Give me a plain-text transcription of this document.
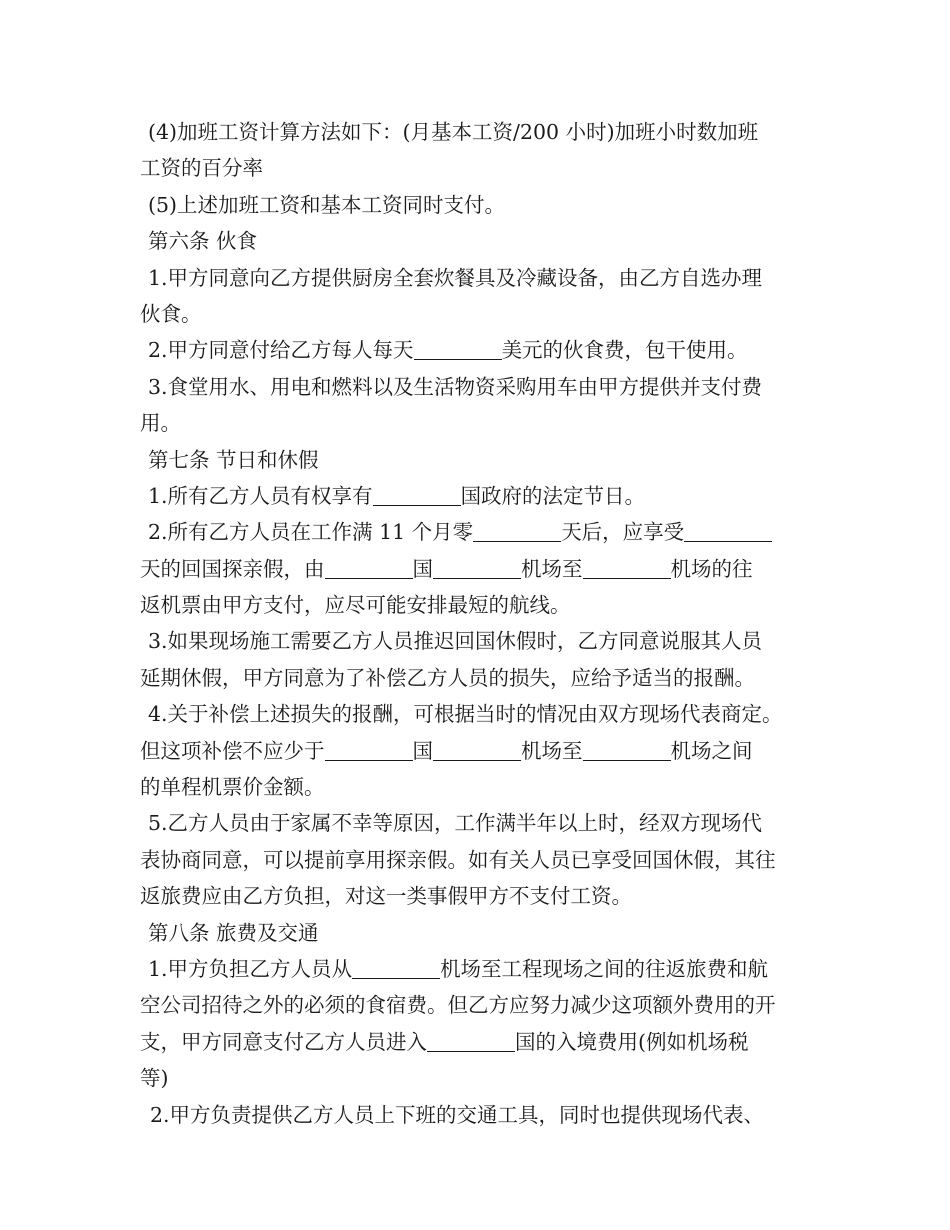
(4)加班工资计算方法如下：(月基本工资/200 小时)加班小时数加班
工资的百分率
(5)上述加班工资和基本工资同时支付。
第六条 伙食
1.甲方同意向乙方提供厨房全套炊餐具及冷藏设备，由乙方自选办理
伙食。
2.甲方同意付给乙方每人每天	美元的伙食费，包干使用。
3.食堂用水、用电和燃料以及生活物资采购用车由甲方提供并支付费
用。
第七条 节日和休假
1.所有乙方人员有权享有	国政府的法定节日。
2.所有乙方人员在工作满 11 个月零	天后，应享受
天的回国探亲假，由	国	机场至	机场的往
返机票由甲方支付，应尽可能安排最短的航线。
3.如果现场施工需要乙方人员推迟回国休假时，乙方同意说服其人员
延期休假，甲方同意为了补偿乙方人员的损失，应给予适当的报酬。
4.关于补偿上述损失的报酬，可根据当时的情况由双方现场代表商定。
但这项补偿不应少于	国	机场至	机场之间
的单程机票价金额。
5.乙方人员由于家属不幸等原因，工作满半年以上时，经双方现场代
表协商同意，可以提前享用探亲假。如有关人员已享受回国休假，其往
返旅费应由乙方负担，对这一类事假甲方不支付工资。
第八条 旅费及交通
1.甲方负担乙方人员从	机场至工程现场之间的往返旅费和航
空公司招待之外的必须的食宿费。但乙方应努力减少这项额外费用的开
支，甲方同意支付乙方人员进入	国的入境费用(例如机场税
等)
2.甲方负责提供乙方人员上下班的交通工具，同时也提供现场代表、
